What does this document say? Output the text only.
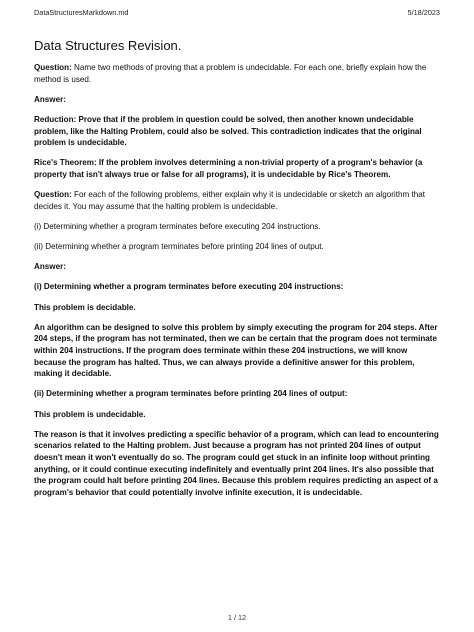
DataStructuresMarkdown.md	5/18/2023
Data Structures Revision.

Question: Name two methods of proving that a problem is undecidable. For each one, briefly explain how the method is used.

Answer:

Reduction: Prove that if the problem in question could be solved, then another known undecidable problem, like the Halting Problem, could also be solved. This contradiction indicates that the original problem is undecidable.

Rice's Theorem: If the problem involves determining a non-trivial property of a program's behavior (a property that isn't always true or false for all programs), it is undecidable by Rice's Theorem.

Question: For each of the following problems, either explain why it is undecidable or sketch an algorithm that decides it. You may assume that the halting problem is undecidable.

(i) Determining whether a program terminates before executing 204 instructions.

(ii) Determining whether a program terminates before printing 204 lines of output.

Answer:

(i) Determining whether a program terminates before executing 204 instructions:

This problem is decidable.

An algorithm can be designed to solve this problem by simply executing the program for 204 steps. After 204 steps, if the program has not terminated, then we can be certain that the program does not terminate within 204 instructions. If the program does terminate within these 204 instructions, we will know because the program has halted. Thus, we can always provide a definitive answer for this problem, making it decidable.

(ii) Determining whether a program terminates before printing 204 lines of output:

This problem is undecidable.

The reason is that it involves predicting a specific behavior of a program, which can lead to encountering scenarios related to the Halting problem. Just because a program has not printed 204 lines of output doesn't mean it won't eventually do so. The program could get stuck in an infinite loop without printing anything, or it could continue executing indefinitely and eventually print 204 lines. It's also possible that the program could halt before printing 204 lines. Because this problem requires predicting an aspect of a program's behavior that could potentially involve infinite execution, it is undecidable.

1 / 12
